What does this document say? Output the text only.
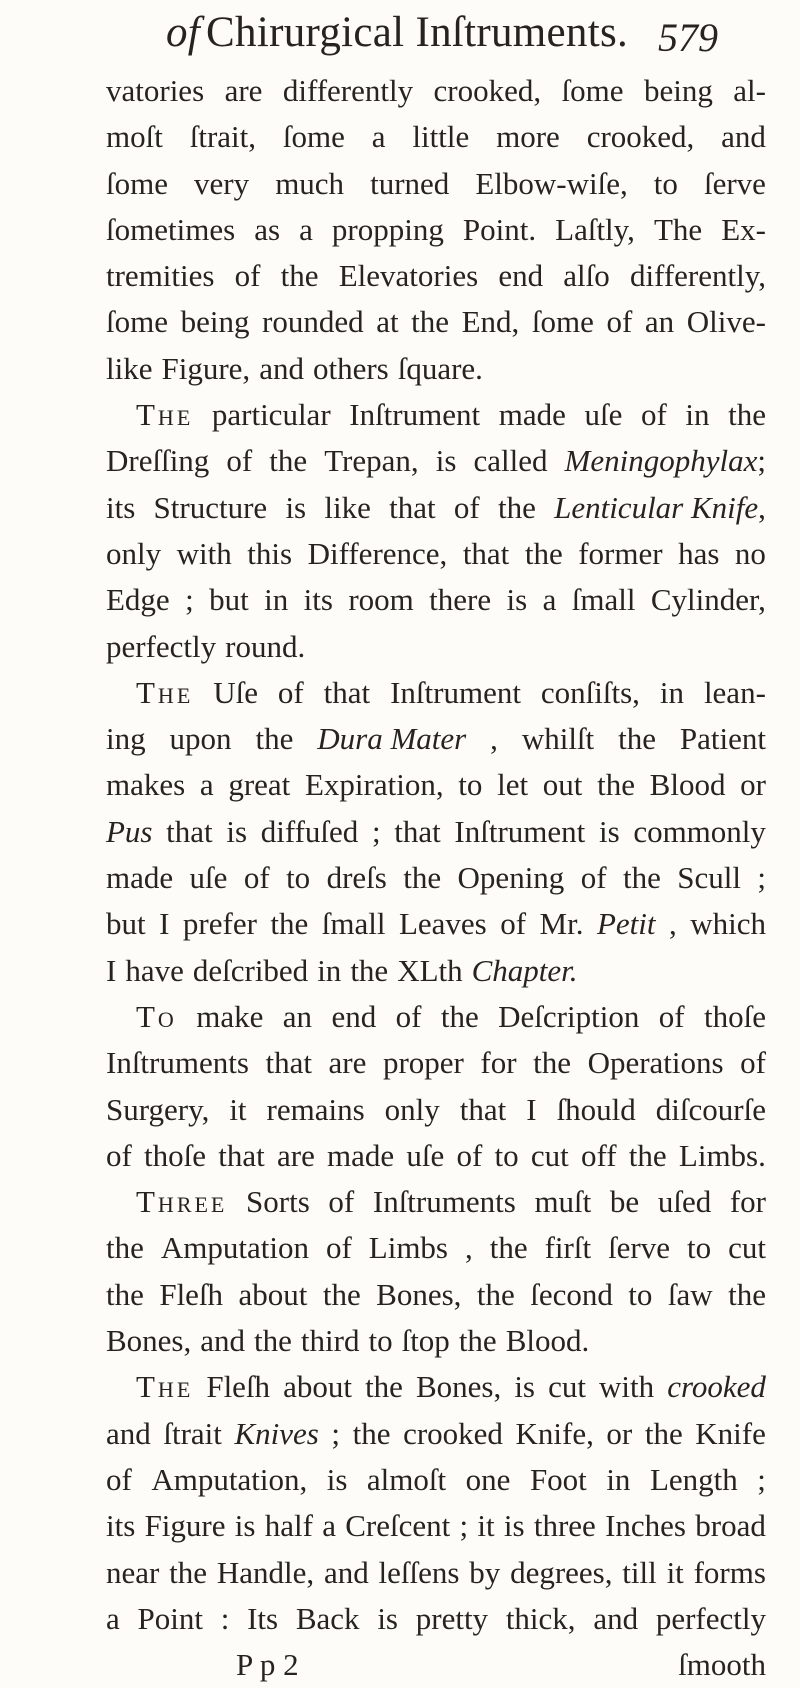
of Chirurgical Inſtruments. 579
vatories are differently crooked, ſome being al-
moſt ſtrait, ſome a little more crooked, and
ſome very much turned Elbow-wiſe, to ſerve
ſometimes as a propping Point. Laſtly, The Ex-
tremities of the Elevatories end alſo differently,
ſome being rounded at the End, ſome of an Olive-
like Figure, and others ſquare.
The particular Inſtrument made uſe of in the
Dreſſing of the Trepan, is called Meningophylax;
its Structure is like that of the Lenticular Knife,
only with this Difference, that the former has no
Edge ; but in its room there is a ſmall Cylinder,
perfectly round.
The Uſe of that Inſtrument conſiſts, in lean-
ing upon the Dura Mater , whilſt the Patient
makes a great Expiration, to let out the Blood or
Pus that is diffuſed ; that Inſtrument is commonly
made uſe of to dreſs the Opening of the Scull ;
but I prefer the ſmall Leaves of Mr. Petit , which
I have deſcribed in the XLth Chapter.
To make an end of the Deſcription of thoſe
Inſtruments that are proper for the Operations of
Surgery, it remains only that I ſhould diſcourſe
of thoſe that are made uſe of to cut off the Limbs.
Three Sorts of Inſtruments muſt be uſed for
the Amputation of Limbs , the firſt ſerve to cut
the Fleſh about the Bones, the ſecond to ſaw the
Bones, and the third to ſtop the Blood.
The Fleſh about the Bones, is cut with crooked
and ſtrait Knives ; the crooked Knife, or the Knife
of Amputation, is almoſt one Foot in Length ;
its Figure is half a Creſcent ; it is three Inches broad
near the Handle, and leſſens by degrees, till it forms
a Point : Its Back is pretty thick, and perfectly
P p 2	ſmooth
